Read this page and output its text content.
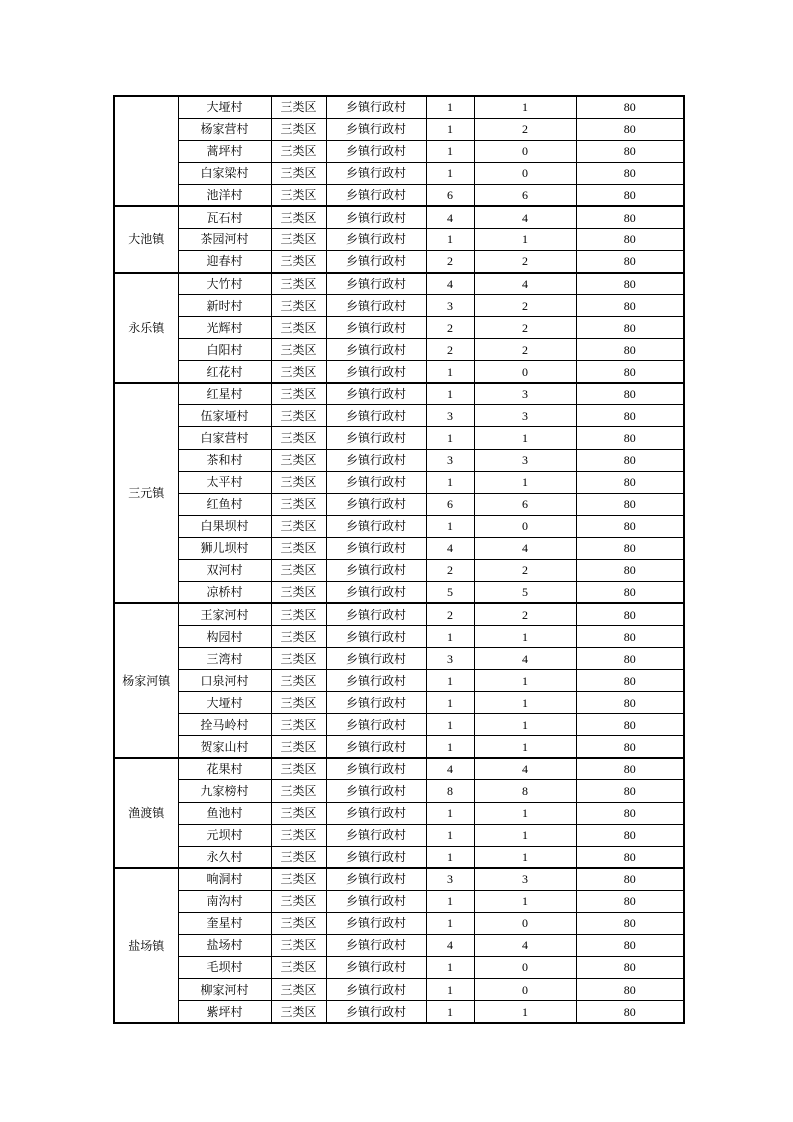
	大垭村	三类区	乡镇行政村	1	1	80
	杨家营村	三类区	乡镇行政村	1	2	80
	蒿坪村	三类区	乡镇行政村	1	0	80
	白家梁村	三类区	乡镇行政村	1	0	80
	池洋村	三类区	乡镇行政村	6	6	80
大池镇	瓦石村	三类区	乡镇行政村	4	4	80
	茶园河村	三类区	乡镇行政村	1	1	80
	迎春村	三类区	乡镇行政村	2	2	80
永乐镇	大竹村	三类区	乡镇行政村	4	4	80
	新时村	三类区	乡镇行政村	3	2	80
	光辉村	三类区	乡镇行政村	2	2	80
	白阳村	三类区	乡镇行政村	2	2	80
	红花村	三类区	乡镇行政村	1	0	80
三元镇	红星村	三类区	乡镇行政村	1	3	80
	伍家垭村	三类区	乡镇行政村	3	3	80
	白家营村	三类区	乡镇行政村	1	1	80
	茶和村	三类区	乡镇行政村	3	3	80
	太平村	三类区	乡镇行政村	1	1	80
	红鱼村	三类区	乡镇行政村	6	6	80
	白果坝村	三类区	乡镇行政村	1	0	80
	狮儿坝村	三类区	乡镇行政村	4	4	80
	双河村	三类区	乡镇行政村	2	2	80
	凉桥村	三类区	乡镇行政村	5	5	80
杨家河镇	王家河村	三类区	乡镇行政村	2	2	80
	构园村	三类区	乡镇行政村	1	1	80
	三湾村	三类区	乡镇行政村	3	4	80
	口泉河村	三类区	乡镇行政村	1	1	80
	大垭村	三类区	乡镇行政村	1	1	80
	拴马岭村	三类区	乡镇行政村	1	1	80
	贺家山村	三类区	乡镇行政村	1	1	80
渔渡镇	花果村	三类区	乡镇行政村	4	4	80
	九家榜村	三类区	乡镇行政村	8	8	80
	鱼池村	三类区	乡镇行政村	1	1	80
	元坝村	三类区	乡镇行政村	1	1	80
	永久村	三类区	乡镇行政村	1	1	80
盐场镇	响洞村	三类区	乡镇行政村	3	3	80
	南沟村	三类区	乡镇行政村	1	1	80
	奎星村	三类区	乡镇行政村	1	0	80
	盐场村	三类区	乡镇行政村	4	4	80
	毛坝村	三类区	乡镇行政村	1	0	80
	柳家河村	三类区	乡镇行政村	1	0	80
	紫坪村	三类区	乡镇行政村	1	1	80
